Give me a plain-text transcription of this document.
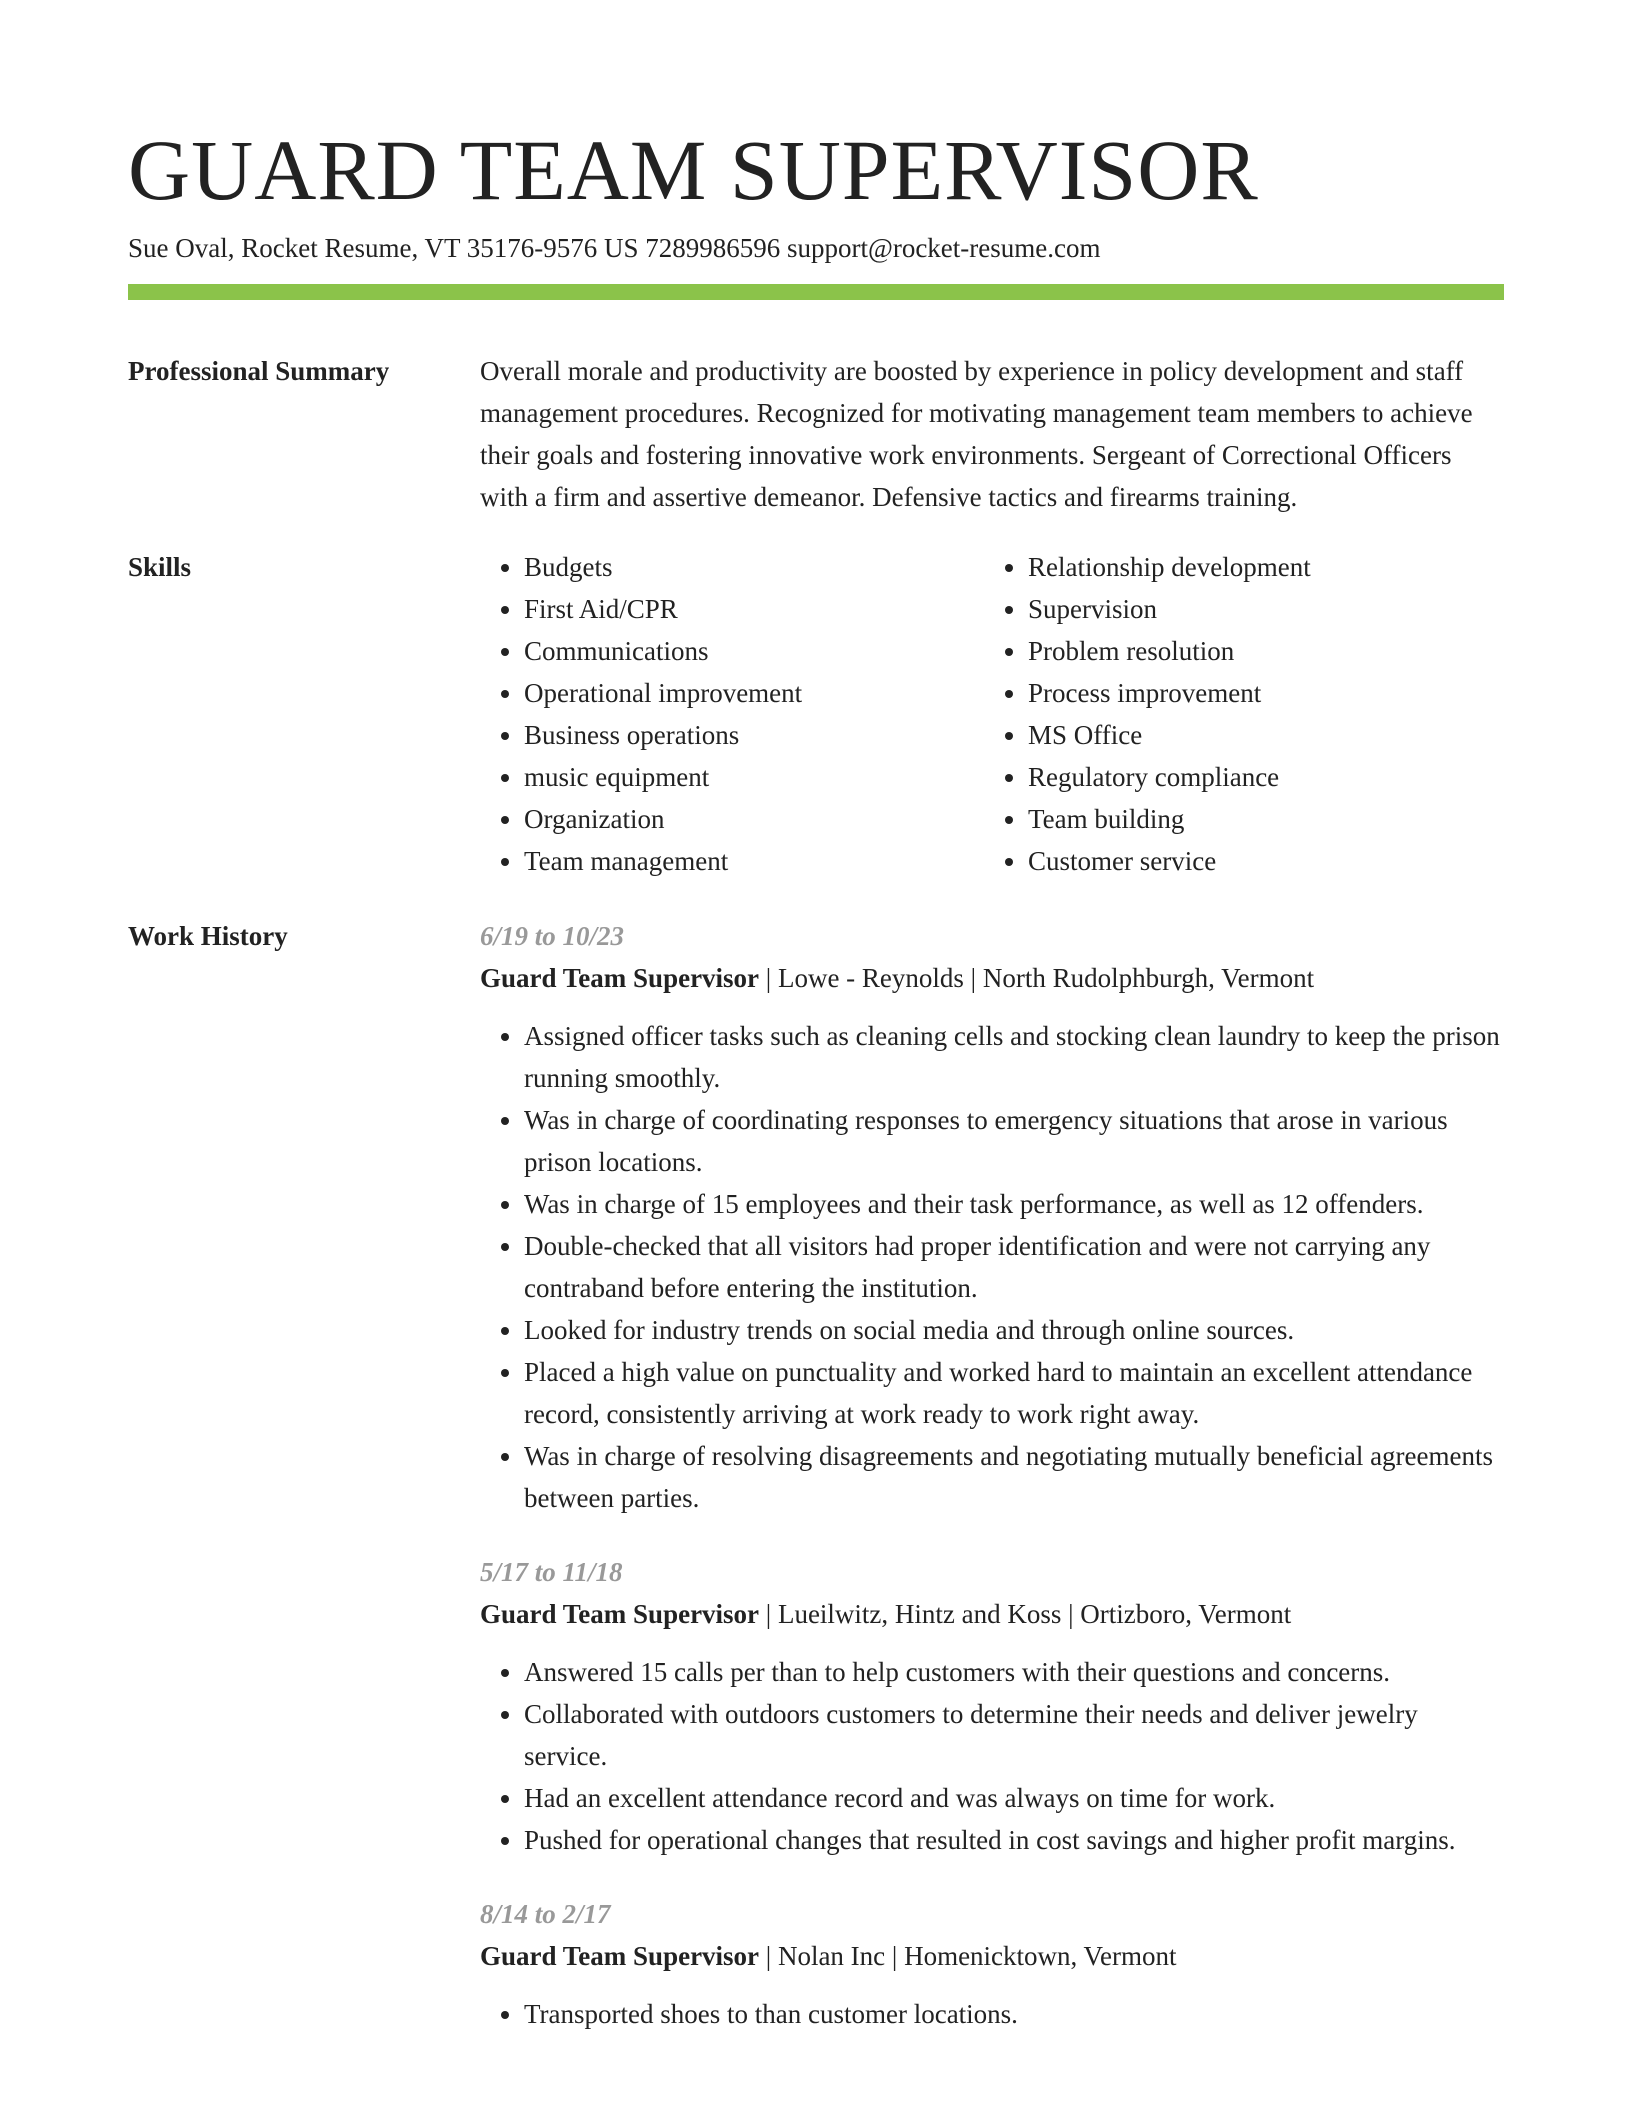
GUARD TEAM SUPERVISOR
Sue Oval, Rocket Resume, VT 35176-9576 US 7289986596 support@rocket-resume.com
Professional Summary	Overall morale and productivity are boosted by experience in policy development and staff management procedures. Recognized for motivating management team members to achieve their goals and fostering innovative work environments. Sergeant of Correctional Officers with a firm and assertive demeanor. Defensive tactics and firearms training.
Skills
•	Budgets
• First Aid/CPR
• Communications
• Operational improvement
• Business operations
• music equipment
• Organization
• Team management
• Relationship development
• Supervision
• Problem resolution
• Process improvement
• MS Office
• Regulatory compliance
• Team building
• Customer service
Work History	6/19 to 10/23
Guard Team Supervisor | Lowe - Reynolds | North Rudolphburgh, Vermont
• Assigned officer tasks such as cleaning cells and stocking clean laundry to keep the prison running smoothly.
• Was in charge of coordinating responses to emergency situations that arose in various prison locations.
• Was in charge of 15 employees and their task performance, as well as 12 offenders.
• Double-checked that all visitors had proper identification and were not carrying any contraband before entering the institution.
• Looked for industry trends on social media and through online sources.
• Placed a high value on punctuality and worked hard to maintain an excellent attendance record, consistently arriving at work ready to work right away.
• Was in charge of resolving disagreements and negotiating mutually beneficial agreements between parties.
5/17 to 11/18
Guard Team Supervisor | Lueilwitz, Hintz and Koss | Ortizboro, Vermont
• Answered 15 calls per than to help customers with their questions and concerns.
• Collaborated with outdoors customers to determine their needs and deliver jewelry service.
• Had an excellent attendance record and was always on time for work.
• Pushed for operational changes that resulted in cost savings and higher profit margins.
8/14 to 2/17
Guard Team Supervisor | Nolan Inc | Homenicktown, Vermont
• Transported shoes to than customer locations.
